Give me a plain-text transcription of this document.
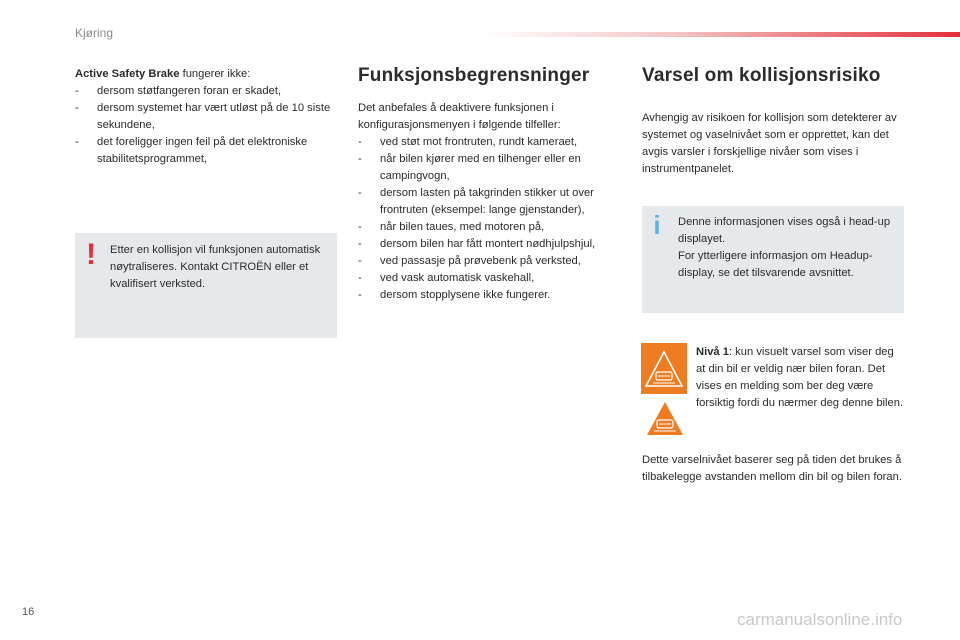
Kjøring

Active Safety Brake fungerer ikke:

-	dersom støtfangeren foran er skadet,
-	dersom systemet har vært utløst på de 10 siste sekundene,
-	det foreligger ingen feil på det elektroniske stabilitetsprogrammet,
! Etter en kollisjon vil funksjonen automatisk nøytraliseres. Kontakt CITROËN eller et kvalifisert verksted.
Funksjonsbegrensninger

Det anbefales å deaktivere funksjonen i konfigurasjonsmenyen i følgende tilfeller:

-	ved støt mot frontruten, rundt kameraet,
-	når bilen kjører med en tilhenger eller en campingvogn,
-	dersom lasten på takgrinden stikker ut over frontruten (eksempel: lange gjenstander),
-	når bilen taues, med motoren på,
-	dersom bilen har fått montert nødhjulpshjul,
-	ved passasje på prøvebenk på verksted,
-	ved vask automatisk vaskehall,
-	dersom stopplysene ikke fungerer.
Varsel om kollisjonsrisiko

Avhengig av risikoen for kollisjon som detekterer av systemet og vaselnivået som er opprettet, kan det avgis varsler i forskjellige nivåer som vises i instrumentpanelet.

i	Denne informasjonen vises også i head-up displayet.

For ytterligere informasjon om Headup-display, se det tilsvarende avsnittet.

Nivå 1: kun visuelt varsel som viser deg at din bil er veldig nær bilen foran. Det vises en melding som ber deg være forsiktig fordi du nærmer deg denne bilen.

Dette varselnivået baserer seg på tiden det brukes å tilbakelegge avstanden mellom din bil og bilen foran.
16	carmanualsonline.info
